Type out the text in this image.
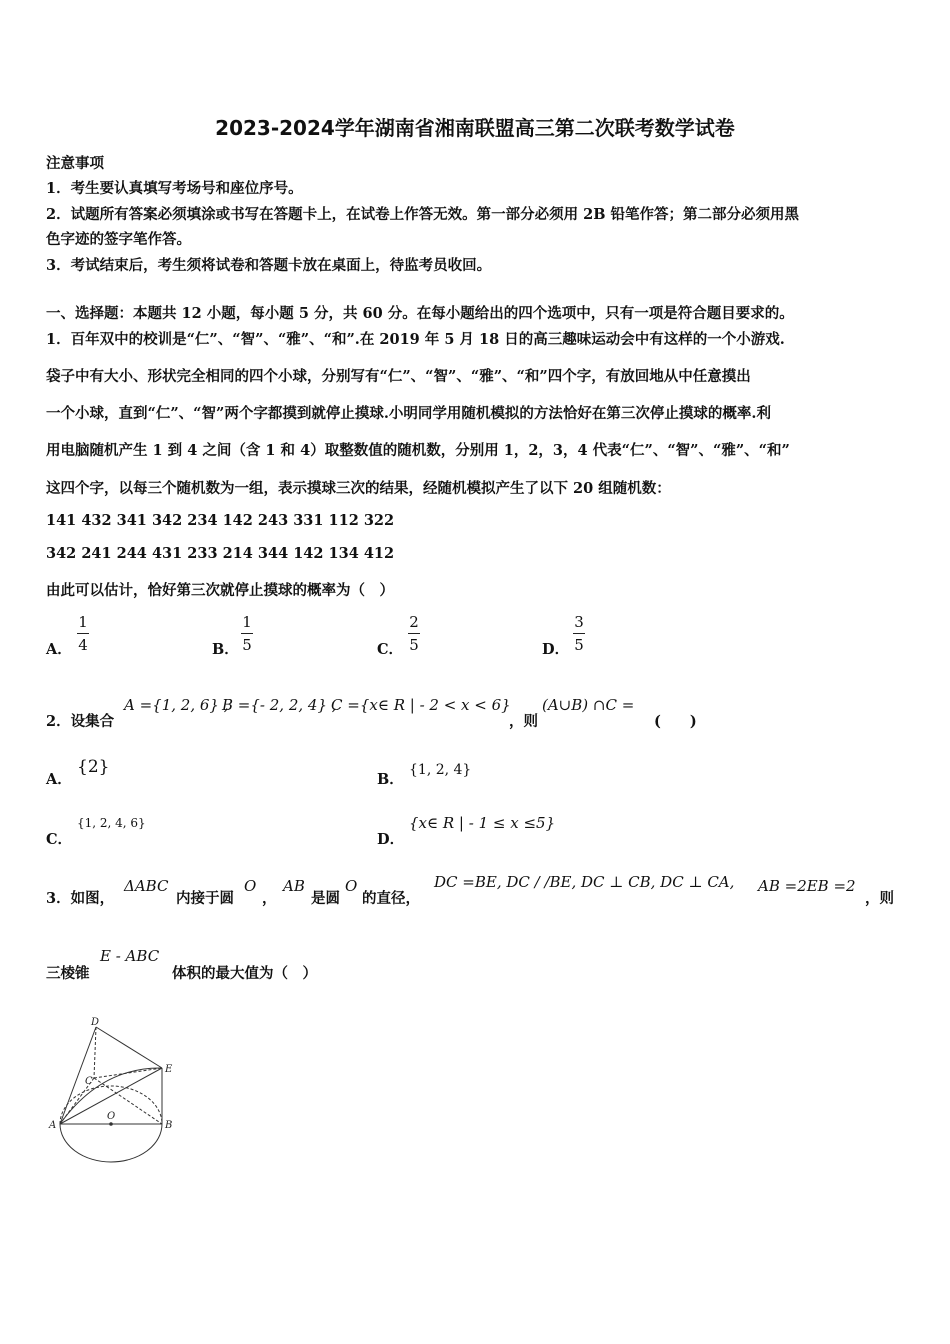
2023-2024学年湖南省湘南联盟高三第二次联考数学试卷
注意事项
1．考生要认真填写考场号和座位序号。
2．试题所有答案必须填涂或书写在答题卡上，在试卷上作答无效。第一部分必须用 2B 铅笔作答；第二部分必须用黑
色字迹的签字笔作答。
3．考试结束后，考生须将试卷和答题卡放在桌面上，待监考员收回。
一、选择题：本题共 12 小题，每小题 5 分，共 60 分。在每小题给出的四个选项中，只有一项是符合题目要求的。
1．百年双中的校训是“仁”、“智”、“雅”、“和”.在 2019 年 5 月 18 日的高三趣味运动会中有这样的一个小游戏.
袋子中有大小、形状完全相同的四个小球，分别写有“仁”、“智”、“雅”、“和”四个字，有放回地从中任意摸出
一个小球，直到“仁”、“智”两个字都摸到就停止摸球.小明同学用随机模拟的方法恰好在第三次停止摸球的概率.利
用电脑随机产生 1 到 4 之间（含 1 和 4）取整数值的随机数，分别用 1，2，3，4 代表“仁”、“智”、“雅”、“和”
这四个字，以每三个随机数为一组，表示摸球三次的结果，经随机模拟产生了以下 20 组随机数：
141 432 341 342 234 142 243 331 112 322
342 241 244 431 233 214 344 142 134 412
由此可以估计，恰好第三次就停止摸球的概率为（　）
A．
1
4	B．
1
5	C．
2
5	D．
3
5
2．设集合
A ={1, 2, 6} ,
B ={- 2, 2, 4} ,
C ={x∈ R | - 2 < x < 6}
，则
(A∪B) ∩C =
(　　)
A．
{2}
B．
{1, 2, 4}
C．
{1, 2, 4, 6}
D．
{x∈ R | - 1 ≤ x ≤5}
3．如图，
ΔABC
内接于圆
O
，
AB
是圆
O
的直径，
DC =BE, DC / /BE, DC ⊥ CB, DC ⊥ CA, AB =2EB =2
，则
三棱锥
E - ABC
体积的最大值为（　）
D
E
C
O
A	B
